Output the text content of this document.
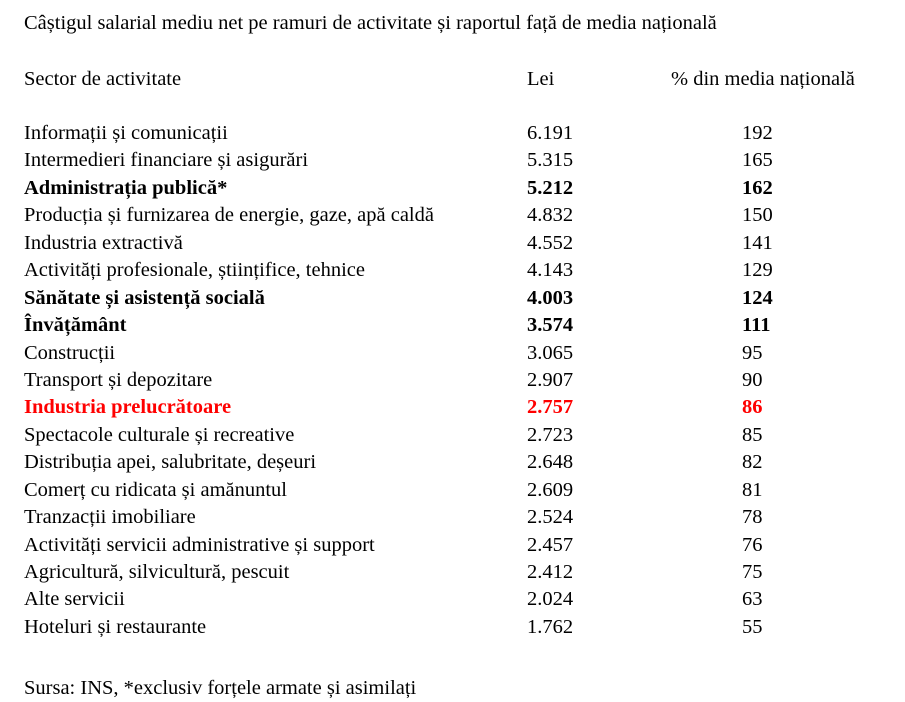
Câștigul salarial mediu net pe ramuri de activitate și raportul față de media națională
Sector de activitate	Lei	% din media națională
Informații și comunicații	6.191	192
Intermedieri financiare și asigurări	5.315	165
Administrația publică*	5.212	162
Producția și furnizarea de energie, gaze, apă caldă	4.832	150
Industria extractivă	4.552	141
Activități profesionale, științifice, tehnice	4.143	129
Sănătate și asistență socială	4.003	124
Învățământ	3.574	111
Construcții	3.065	95
Transport și depozitare	2.907	90
Industria prelucrătoare	2.757	86
Spectacole culturale și recreative	2.723	85
Distribuția apei, salubritate, deșeuri	2.648	82
Comerț cu ridicata și amănuntul	2.609	81
Tranzacții imobiliare	2.524	78
Activități servicii administrative și support	2.457	76
Agricultură, silvicultură, pescuit	2.412	75
Alte servicii	2.024	63
Hoteluri și restaurante	1.762	55
Sursa: INS, *exclusiv forțele armate și asimilați
